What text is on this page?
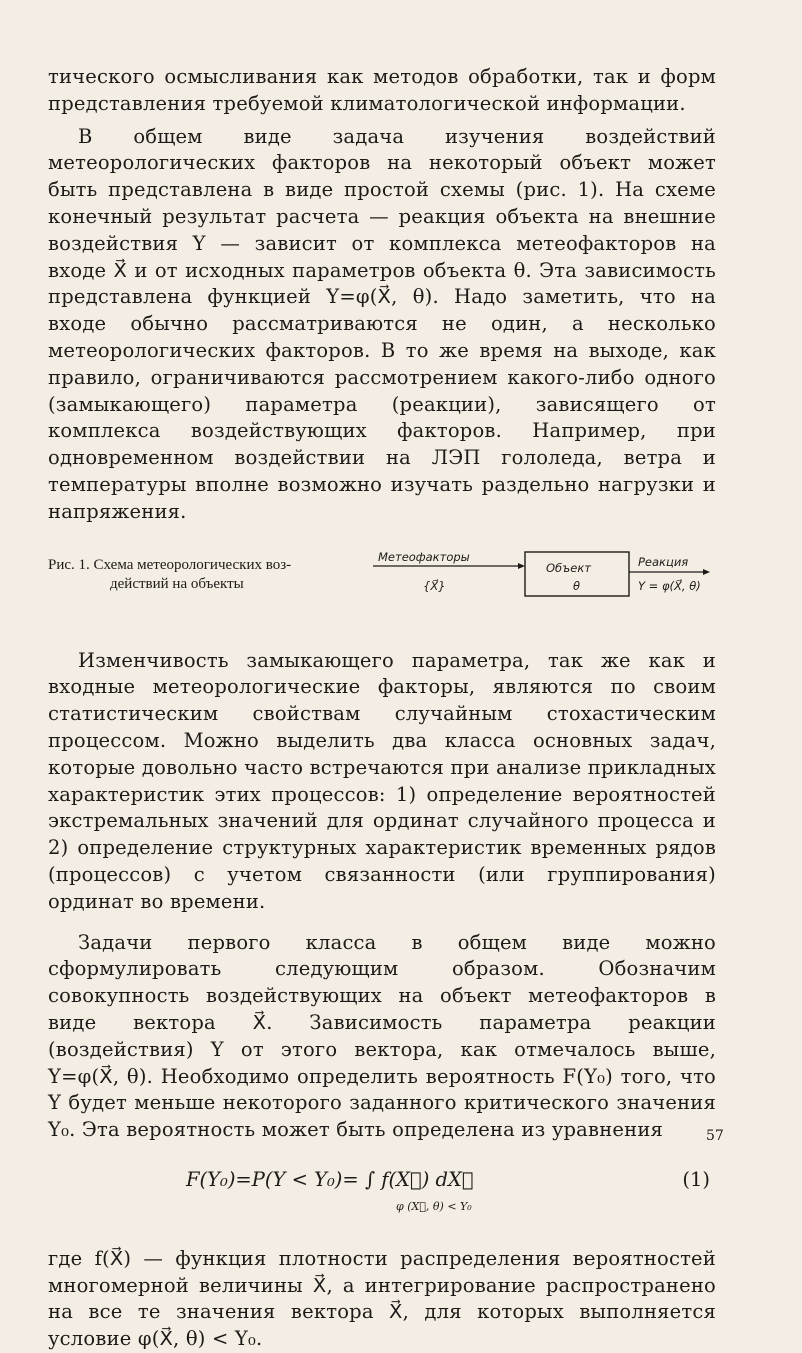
тического осмысливания как методов обработки, так и форм представления требуемой климатологической информации.

В общем виде задача изучения воздействий метеорологических факторов на некоторый объект может быть представлена в виде простой схемы (рис. 1). На схеме конечный результат расчета — реакция объекта на внешние воздействия Y — зависит от комплекса метеофакторов на входе X⃗ и от исходных параметров объекта θ. Эта зависимость представлена функцией Y=φ(X⃗, θ). Надо заметить, что на входе обычно рассматриваются не один, а несколько метеорологических факторов. В то же время на выходе, как правило, ограничиваются рассмотрением какого-либо одного (замыкающего) параметра (реакции), зависящего от комплекса воздействующих факторов. Например, при одновременном воздействии на ЛЭП гололеда, ветра и температуры вполне возможно изучать раздельно нагрузки и напряжения.

Рис. 1. Схема метеорологических воз-
действий на объекты
Метеофакторы
{X⃗}
Объект
θ
Реакция
Y = φ(X⃗, θ)

Изменчивость замыкающего параметра, так же как и входные метеорологические факторы, являются по своим статистическим свойствам случайным стохастическим процессом. Можно выделить два класса основных задач, которые довольно часто встречаются при анализе прикладных характеристик этих процессов: 1) определение вероятностей экстремальных значений для ординат случайного процесса и 2) определение структурных характеристик временных рядов (процессов) с учетом связанности (или группирования) ординат во времени.

Задачи первого класса в общем виде можно сформулировать следующим образом. Обозначим совокупность воздействующих на объект метеофакторов в виде вектора X⃗. Зависимость параметра реакции (воздействия) Y от этого вектора, как отмечалось выше, Y=φ(X⃗, θ). Необходимо определить вероятность F(Y₀) того, что Y будет меньше некоторого заданного критического значения Y₀. Эта вероятность может быть определена из уравнения

F(Y₀)=P(Y < Y₀)= ∫ f(X⃗) dX⃗
φ (X⃗, θ) < Y₀
(1)

где f(X⃗) — функция плотности распределения вероятностей многомерной величины X⃗, а интегрирование распространено на все те значения вектора X⃗, для которых выполняется условие φ(X⃗, θ) < Y₀.

57
